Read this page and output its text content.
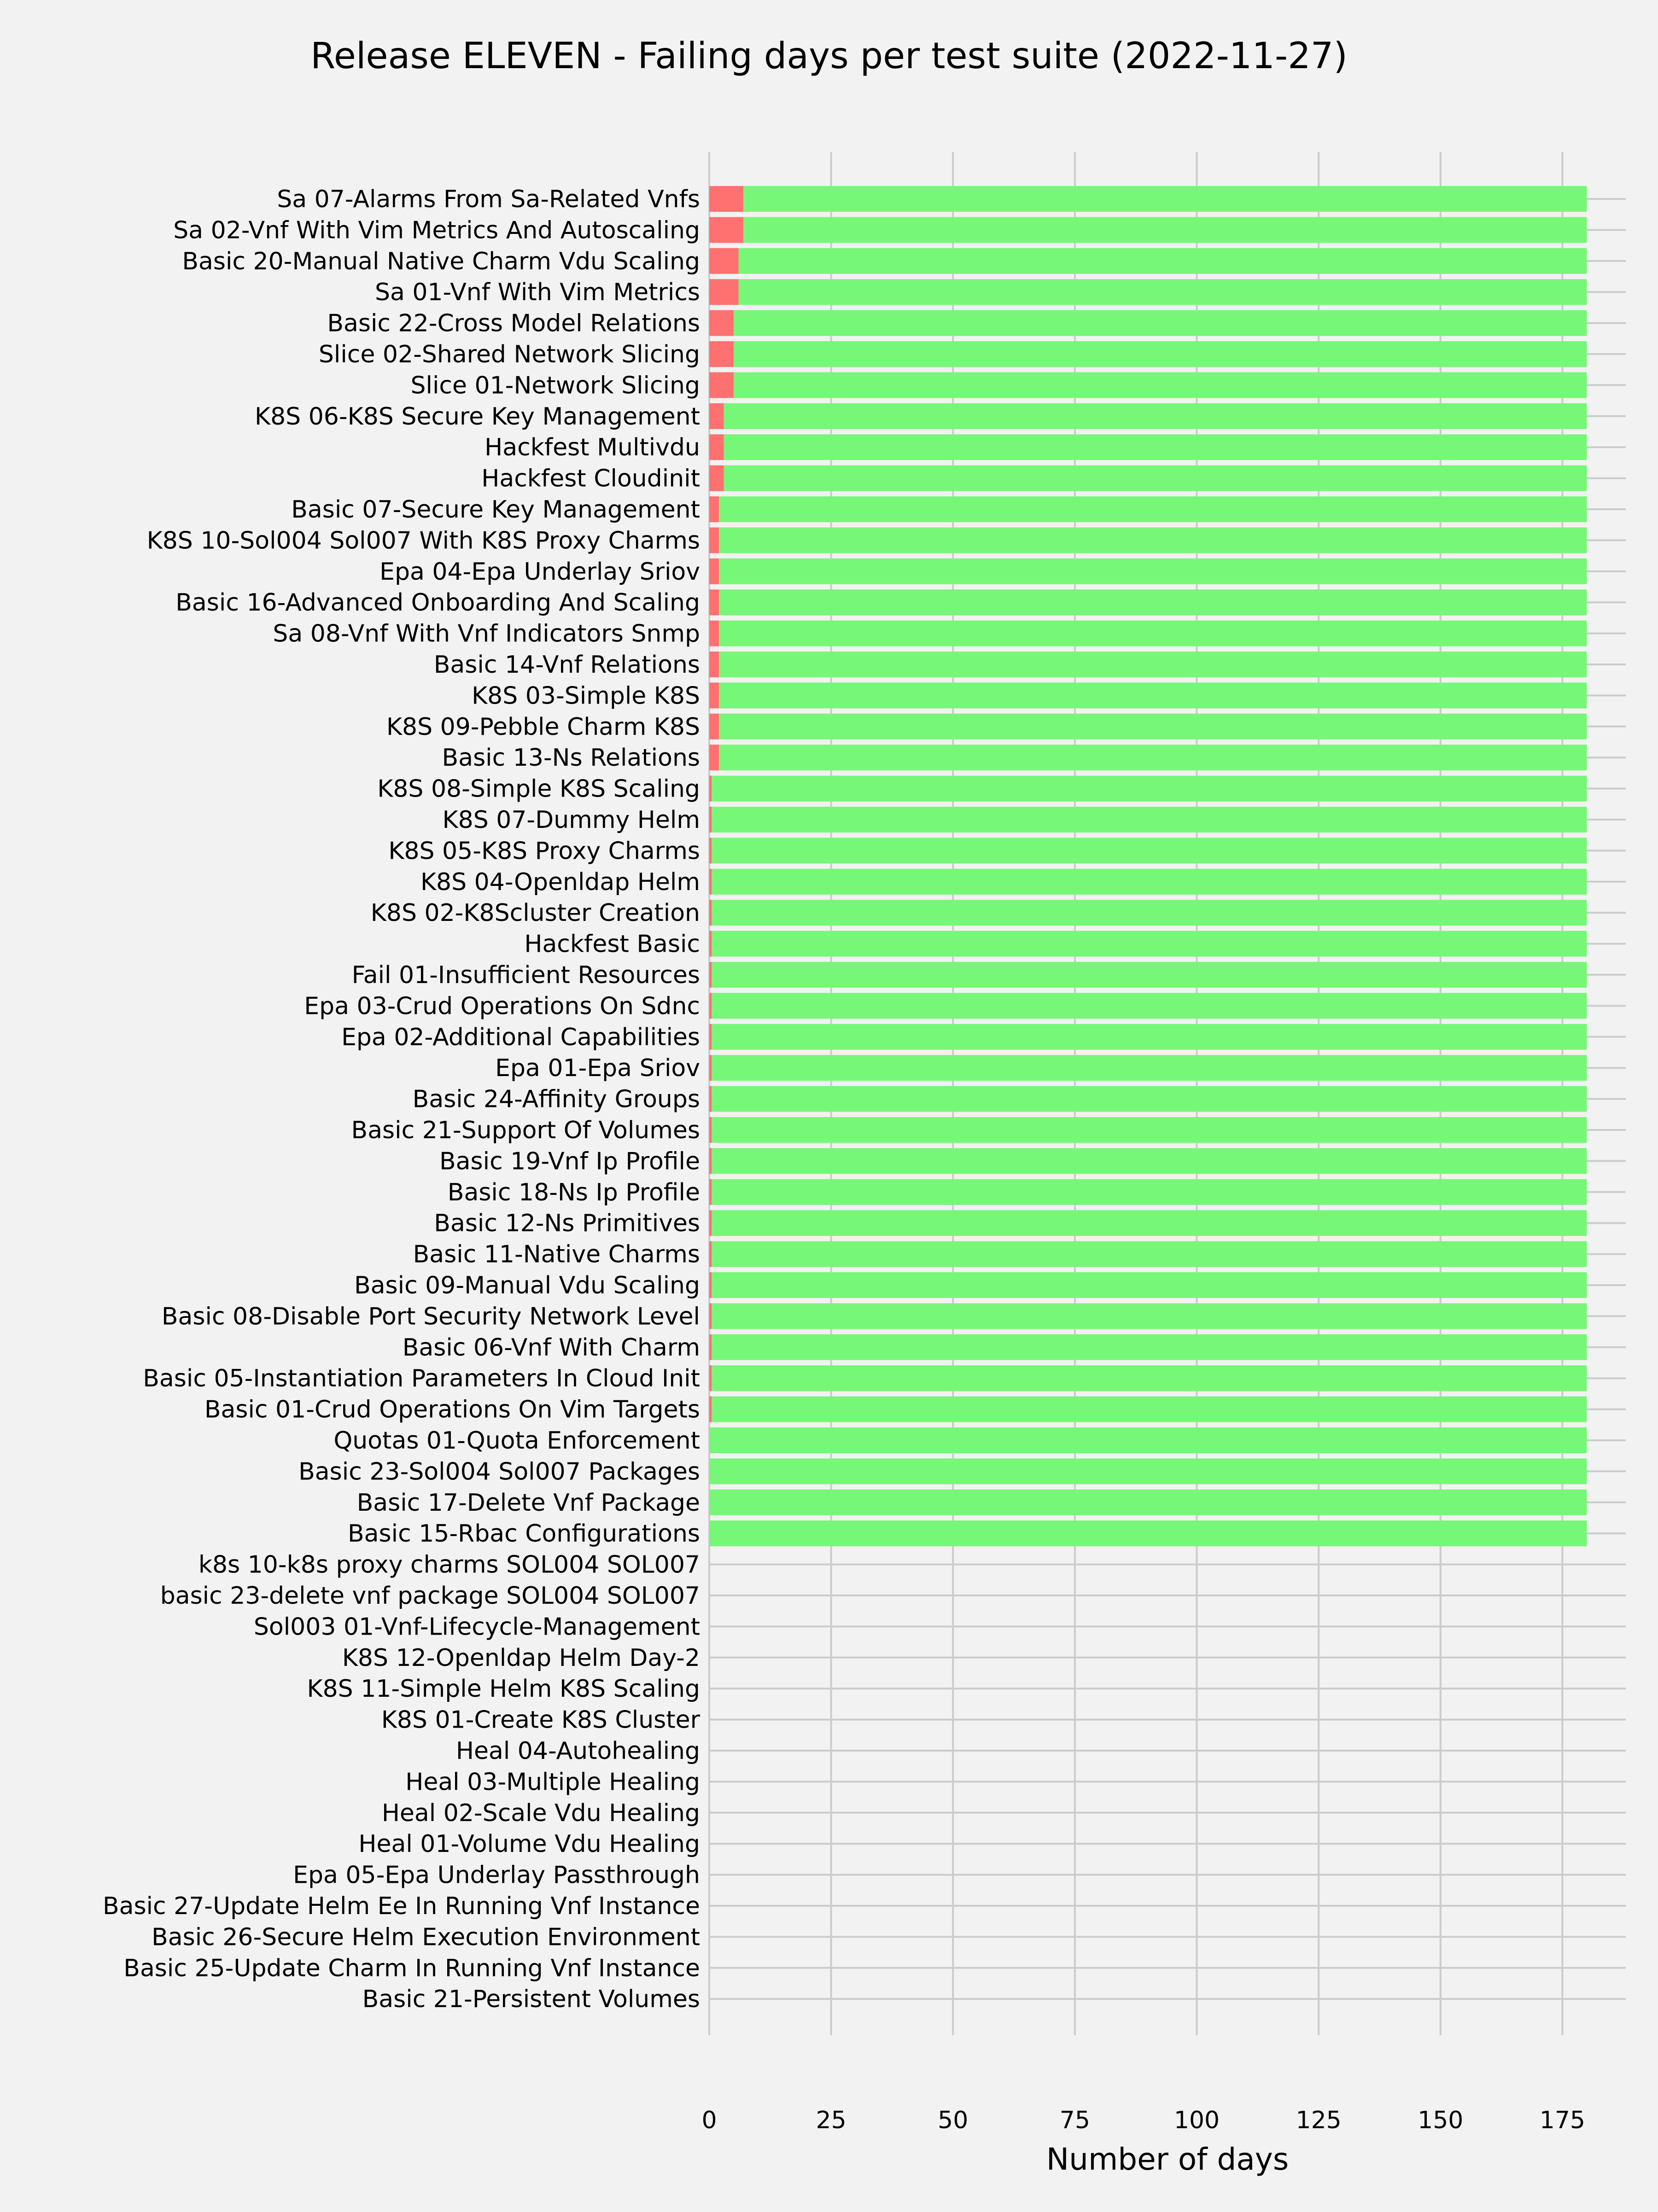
Release ELEVEN - Failing days per test suite (2022-11-27)
Sa 07-Alarms From Sa-Related Vnfs
Sa 02-Vnf With Vim Metrics And Autoscaling
Basic 20-Manual Native Charm Vdu Scaling
Sa 01-Vnf With Vim Metrics
Basic 22-Cross Model Relations
Slice 02-Shared Network Slicing
Slice 01-Network Slicing
K8S 06-K8S Secure Key Management
Hackfest Multivdu
Hackfest Cloudinit
Basic 07-Secure Key Management
K8S 10-Sol004 Sol007 With K8S Proxy Charms
Epa 04-Epa Underlay Sriov
Basic 16-Advanced Onboarding And Scaling
Sa 08-Vnf With Vnf Indicators Snmp
Basic 14-Vnf Relations
K8S 03-Simple K8S
K8S 09-Pebble Charm K8S
Basic 13-Ns Relations
K8S 08-Simple K8S Scaling
K8S 07-Dummy Helm
K8S 05-K8S Proxy Charms
K8S 04-Openldap Helm
K8S 02-K8Scluster Creation
Hackfest Basic
Fail 01-Insufficient Resources
Epa 03-Crud Operations On Sdnc
Epa 02-Additional Capabilities
Epa 01-Epa Sriov
Basic 24-Affinity Groups
Basic 21-Support Of Volumes
Basic 19-Vnf Ip Profile
Basic 18-Ns Ip Profile
Basic 12-Ns Primitives
Basic 11-Native Charms
Basic 09-Manual Vdu Scaling
Basic 08-Disable Port Security Network Level
Basic 06-Vnf With Charm
Basic 05-Instantiation Parameters In Cloud Init
Basic 01-Crud Operations On Vim Targets
Quotas 01-Quota Enforcement
Basic 23-Sol004 Sol007 Packages
Basic 17-Delete Vnf Package
Basic 15-Rbac Configurations
k8s 10-k8s proxy charms SOL004 SOL007
basic 23-delete vnf package SOL004 SOL007
Sol003 01-Vnf-Lifecycle-Management
K8S 12-Openldap Helm Day-2
K8S 11-Simple Helm K8S Scaling
K8S 01-Create K8S Cluster
Heal 04-Autohealing
Heal 03-Multiple Healing
Heal 02-Scale Vdu Healing
Heal 01-Volume Vdu Healing
Epa 05-Epa Underlay Passthrough
Basic 27-Update Helm Ee In Running Vnf Instance
Basic 26-Secure Helm Execution Environment
Basic 25-Update Charm In Running Vnf Instance
Basic 21-Persistent Volumes
0	25	50	75	100	125	150	175
Number of days
